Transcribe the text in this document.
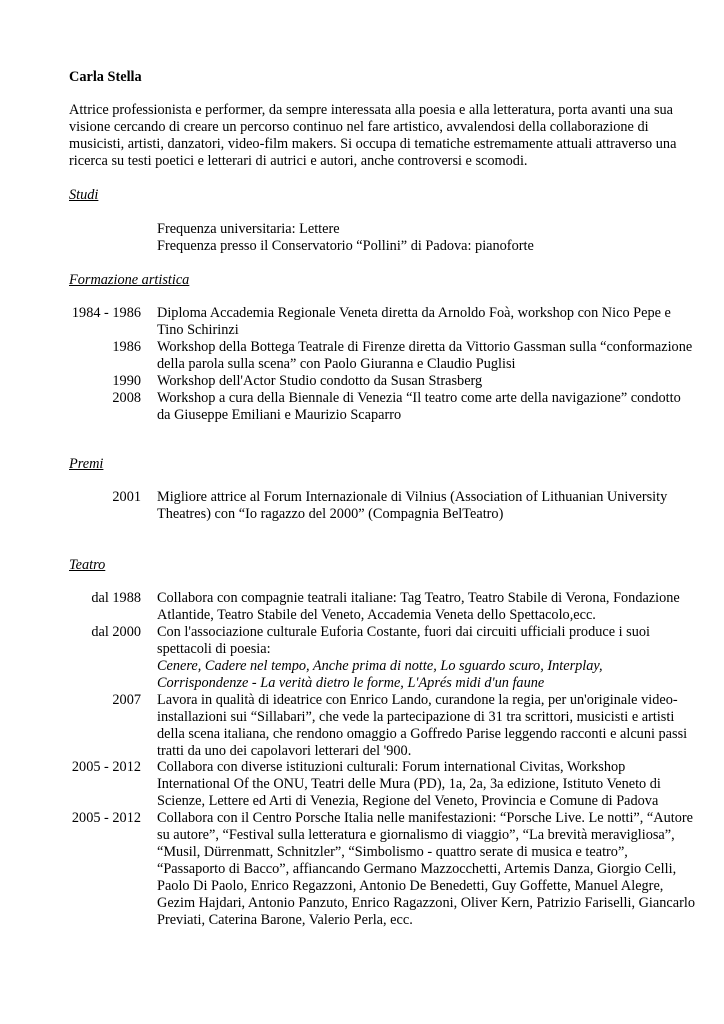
Carla Stella
Attrice professionista e performer, da sempre interessata alla poesia e alla letteratura, porta avanti una sua visione cercando di creare un percorso continuo nel fare artistico, avvalendosi della collaborazione di musicisti, artisti, danzatori, video-film makers. Si occupa di tematiche estremamente attuali attraverso una ricerca su testi poetici e letterari di autrici e autori, anche controversi e scomodi.
Studi
Frequenza universitaria: Lettere
Frequenza presso il Conservatorio “Pollini” di Padova: pianoforte
Formazione artistica
1984 - 1986 Diploma Accademia Regionale Veneta diretta da Arnoldo Foà, workshop con Nico Pepe e Tino Schirinzi
1986 Workshop della Bottega Teatrale di Firenze diretta da Vittorio Gassman sulla “conformazione della parola sulla scena” con Paolo Giuranna e Claudio Puglisi
1990 Workshop dell'Actor Studio condotto da Susan Strasberg
2008 Workshop a cura della Biennale di Venezia “Il teatro come arte della navigazione” condotto da Giuseppe Emiliani e Maurizio Scaparro
Premi
2001 Migliore attrice al Forum Internazionale di Vilnius (Association of Lithuanian University Theatres) con “Io ragazzo del 2000” (Compagnia BelTeatro)
Teatro
dal 1988 Collabora con compagnie teatrali italiane: Tag Teatro, Teatro Stabile di Verona, Fondazione Atlantide, Teatro Stabile del Veneto, Accademia Veneta dello Spettacolo,ecc.
dal 2000 Con l'associazione culturale Euforia Costante, fuori dai circuiti ufficiali produce i suoi spettacoli di poesia:
Cenere, Cadere nel tempo, Anche prima di notte, Lo sguardo scuro, Interplay, Corrispondenze - La verità dietro le forme, L'Aprés midi d'un faune
2007 Lavora in qualità di ideatrice con Enrico Lando, curandone la regia, per un'originale video-installazioni sui “Sillabari”, che vede la partecipazione di 31 tra scrittori, musicisti e artisti della scena italiana, che rendono omaggio a Goffredo Parise leggendo racconti e alcuni passi tratti da uno dei capolavori letterari del '900.
2005 - 2012 Collabora con diverse istituzioni culturali: Forum international Civitas, Workshop International Of the ONU, Teatri delle Mura (PD), 1a, 2a, 3a edizione, Istituto Veneto di Scienze, Lettere ed Arti di Venezia, Regione del Veneto, Provincia e Comune di Padova
2005 - 2012 Collabora con il Centro Porsche Italia nelle manifestazioni: “Porsche Live. Le notti”, “Autore su autore”, “Festival sulla letteratura e giornalismo di viaggio”, “La brevità meravigliosa”, “Musil, Dürrenmatt, Schnitzler”, “Simbolismo - quattro serate di musica e teatro”, “Passaporto di Bacco”, affiancando Germano Mazzocchetti, Artemis Danza, Giorgio Celli, Paolo Di Paolo, Enrico Regazzoni, Antonio De Benedetti, Guy Goffette, Manuel Alegre, Gezim Hajdari, Antonio Panzuto, Enrico Ragazzoni, Oliver Kern, Patrizio Fariselli, Giancarlo Previati, Caterina Barone, Valerio Perla, ecc.
